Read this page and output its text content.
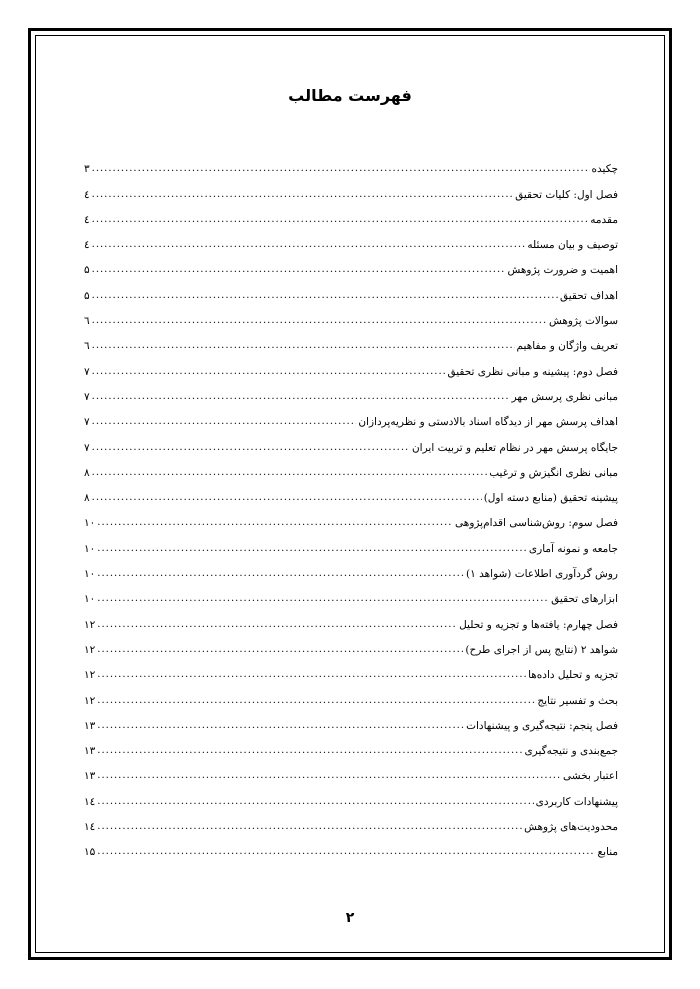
فهرست مطالب
چکیده
.....
۳
فصل اول: کلیات تحقیق
.....
٤
مقدمه
.....
٤
توصیف و بیان مسئله
.....
٤
اهمیت و ضرورت پژوهش
.....
۵
اهداف تحقیق
.....
۵
سوالات پژوهش
.....
٦
تعریف واژگان و مفاهیم
.....
٦
فصل دوم: پیشینه و مبانی نظری تحقیق
.....
۷
مبانی نظری پرسش مهر
.....
۷
اهداف پرسش مهر از دیدگاه اسناد بالادستی و نظریه‌پردازان
.....
۷
جایگاه پرسش مهر در نظام تعلیم و تربیت ایران
.....
۷
مبانی نظری انگیزش و ترغیب
.....
۸
پیشینه تحقیق (منابع دسته اول)
.....
۸
فصل سوم: روش‌شناسی اقدام‌پژوهی
.....
۱۰
جامعه و نمونه آماری
.....
۱۰
روش گردآوری اطلاعات (شواهد ۱)
.....
۱۰
ابزارهای تحقیق
.....
۱۰
فصل چهارم: یافته‌ها و تجزیه و تحلیل
.....
۱۲
شواهد ۲ (نتایج پس از اجرای طرح)
.....
۱۲
تجزیه و تحلیل داده‌ها
.....
۱۲
بحث و تفسیر نتایج
.....
۱۲
فصل پنجم: نتیجه‌گیری و پیشنهادات
.....
۱۳
جمع‌بندی و نتیجه‌گیری
.....
۱۳
اعتبار بخشی
.....
۱۳
پیشنهادات کاربردی
.....
۱٤
محدودیت‌های پژوهش
.....
۱٤
منابع
.....
۱۵
۲
